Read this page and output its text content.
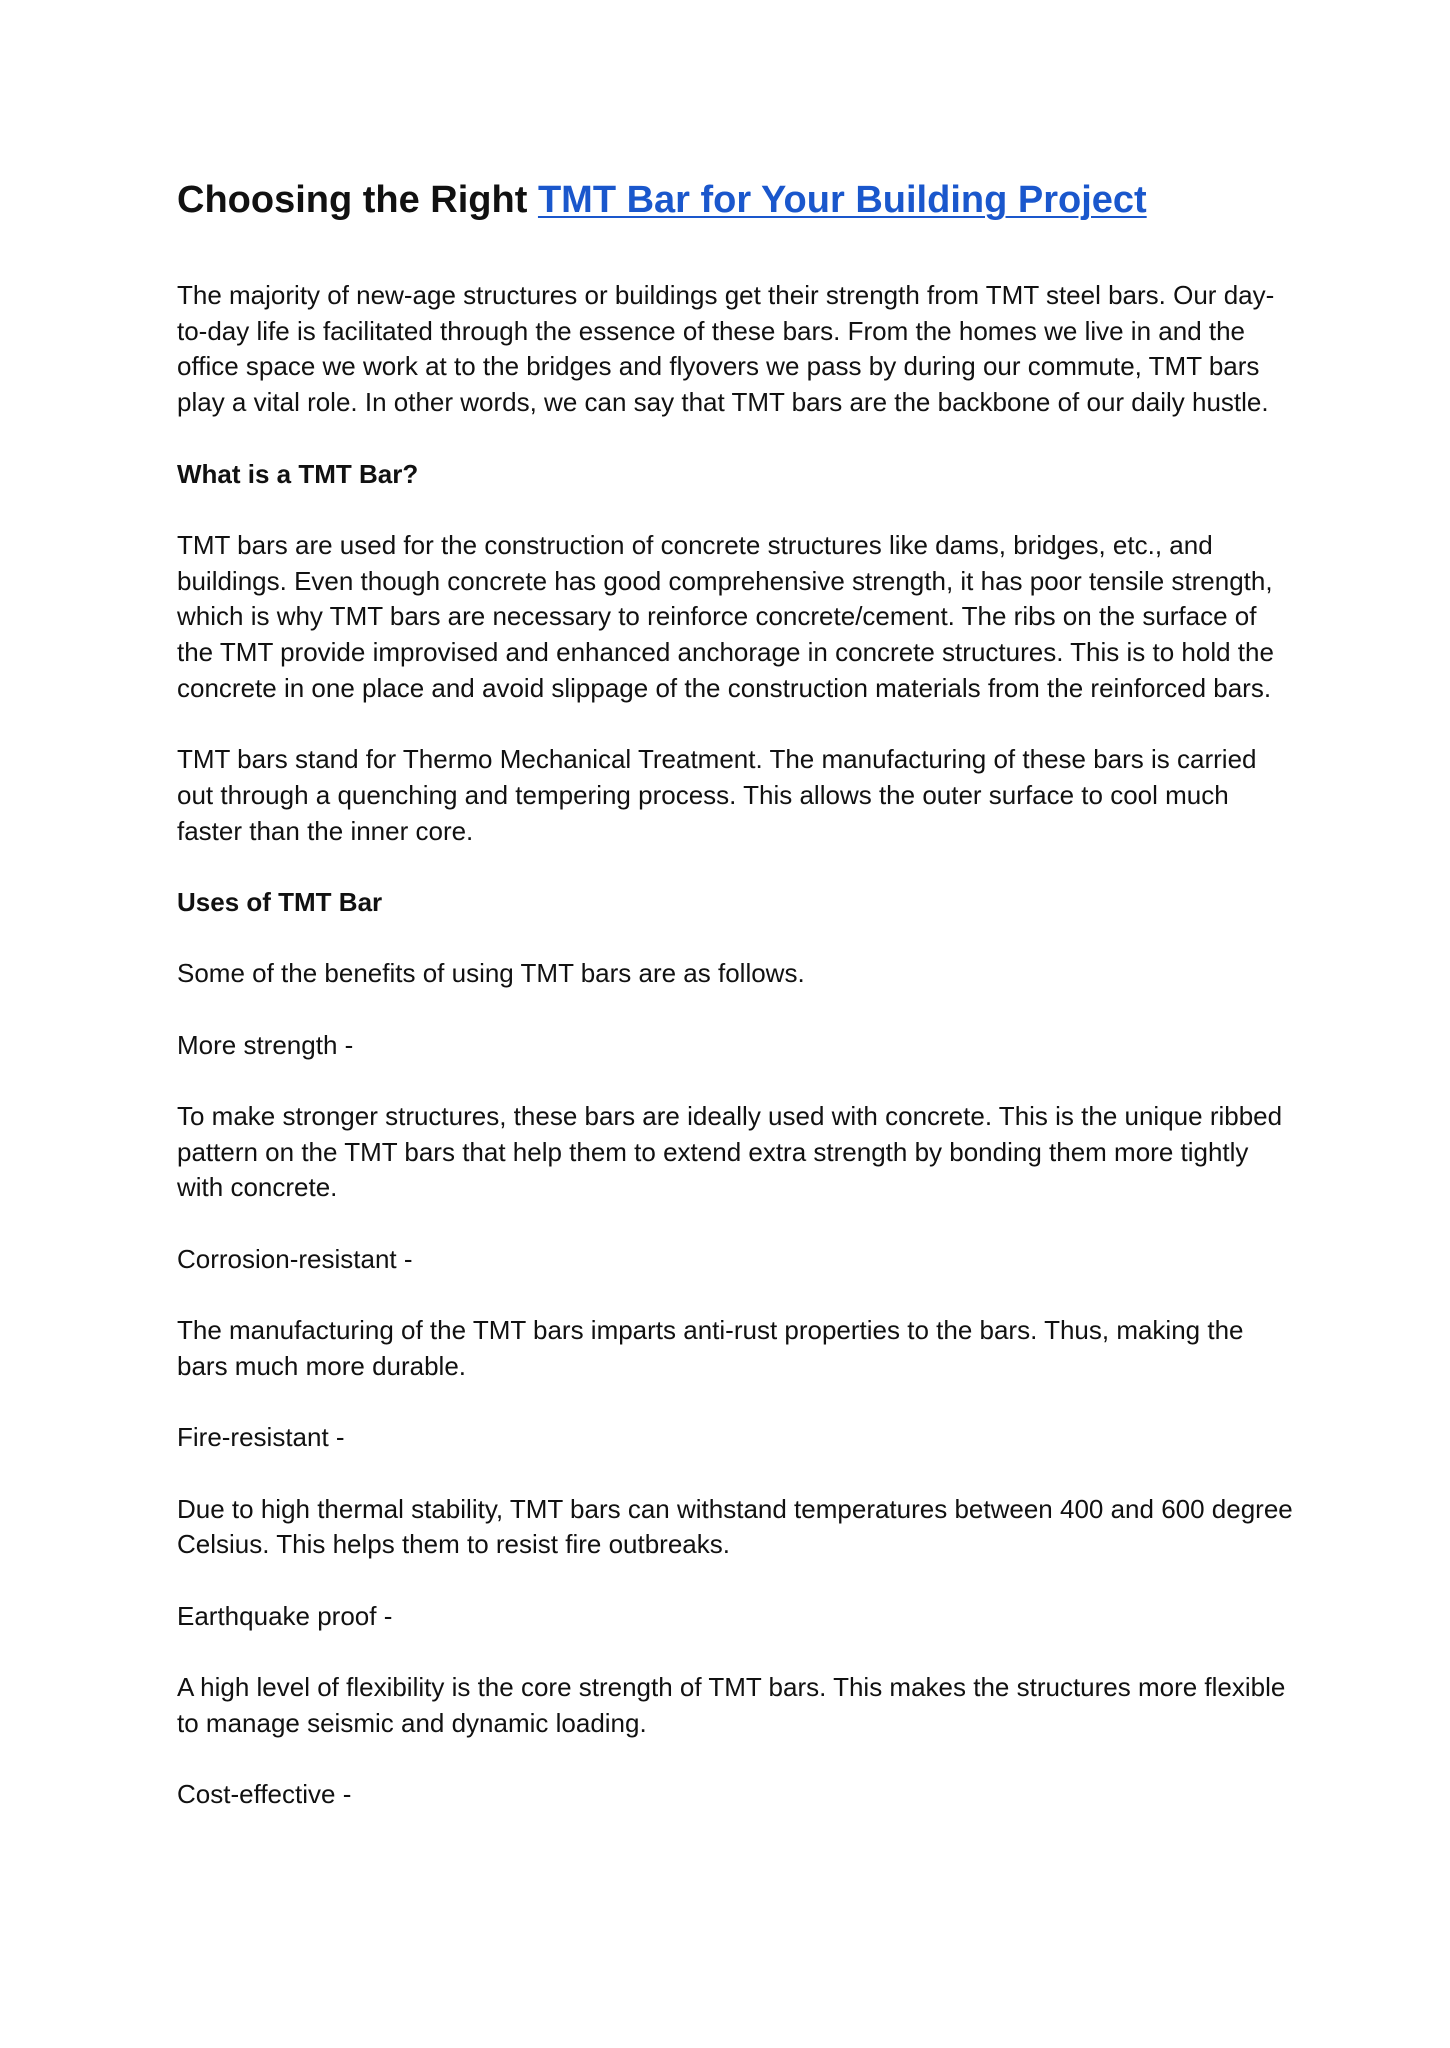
Choosing the Right TMT Bar for Your Building Project

The majority of new-age structures or buildings get their strength from TMT steel bars. Our day-to-day life is facilitated through the essence of these bars. From the homes we live in and the office space we work at to the bridges and flyovers we pass by during our commute, TMT bars play a vital role. In other words, we can say that TMT bars are the backbone of our daily hustle.

What is a TMT Bar?

TMT bars are used for the construction of concrete structures like dams, bridges, etc., and buildings. Even though concrete has good comprehensive strength, it has poor tensile strength, which is why TMT bars are necessary to reinforce concrete/cement. The ribs on the surface of the TMT provide improvised and enhanced anchorage in concrete structures. This is to hold the concrete in one place and avoid slippage of the construction materials from the reinforced bars.

TMT bars stand for Thermo Mechanical Treatment. The manufacturing of these bars is carried out through a quenching and tempering process. This allows the outer surface to cool much faster than the inner core.

Uses of TMT Bar

Some of the benefits of using TMT bars are as follows.

More strength -

To make stronger structures, these bars are ideally used with concrete. This is the unique ribbed pattern on the TMT bars that help them to extend extra strength by bonding them more tightly with concrete.

Corrosion-resistant -

The manufacturing of the TMT bars imparts anti-rust properties to the bars. Thus, making the bars much more durable.

Fire-resistant -

Due to high thermal stability, TMT bars can withstand temperatures between 400 and 600 degree Celsius. This helps them to resist fire outbreaks.

Earthquake proof -

A high level of flexibility is the core strength of TMT bars. This makes the structures more flexible to manage seismic and dynamic loading.

Cost-effective -
